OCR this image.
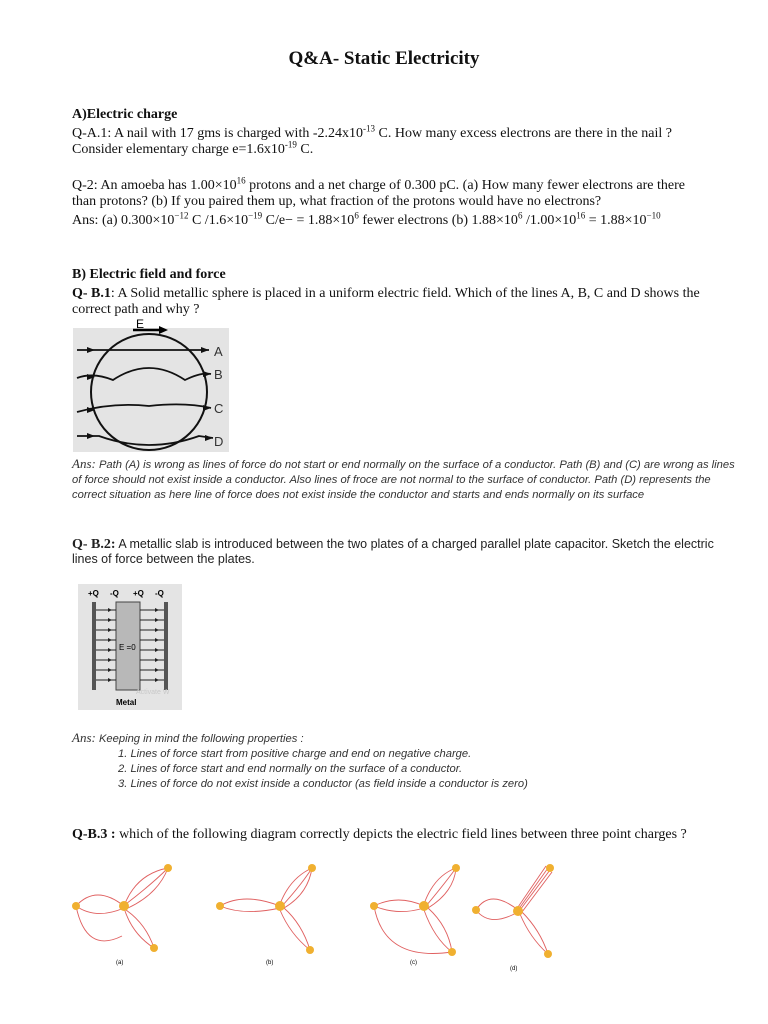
Q&A- Static Electricity
A)Electric charge
Q-A.1: A nail with 17 gms is charged with $-2.24x10^{-13}$ C. How many excess electrons are there in the nail ?
Consider elementary charge $e=1.6x10^{-19}$ C.
Q-2: An amoeba has $1.00\times 10^{16}$ protons and a net charge of 0.300 pC. (a) How many fewer electrons are there
than protons? (b) If you paired them up, what fraction of the protons would have no electrons?
Ans: (a) $0.300\times 10^{-12}$ C $/1.6\times 10^{-19}$ $C/e- = 1.88\times 10^6$ fewer electrons (b) $1.88\times 10^6$ $/1.00\times 10^{16} = 1.88\times 10^{-10}$
B) Electric field and force
Q- B.1: A Solid metallic sphere is placed in a uniform electric field. Which of the lines A, B, C and D shows the correct path and why ?
E
A
B
C
D
Ans: Path (A) is wrong as lines of force do not start or end normally on the surface of a conductor. Path (B) and (C) are wrong as lines of force should not exist inside a conductor. Also lines of froce are not normal to the surface of conductor. Path (D) represents the correct situation as here line of force does not exist inside the conductor and starts and ends normally on its surface
Q- B.2: A metallic slab is introduced between the two plates of a charged parallel plate capacitor. Sketch the electric lines of force between the plates.
+Q -Q +Q -Q
E =0
Metal
Activate W
Ans: Keeping in mind the following properties :
1. Lines of force start from positive charge and end on negative charge.
2. Lines of force start and end normally on the surface of a conductor.
3. Lines of force do not exist inside a conductor (as field inside a conductor is zero)
Q-B.3 : which of the following diagram correctly depicts the electric field lines between three point charges ?
(a)	(b)	(c)
(d)
